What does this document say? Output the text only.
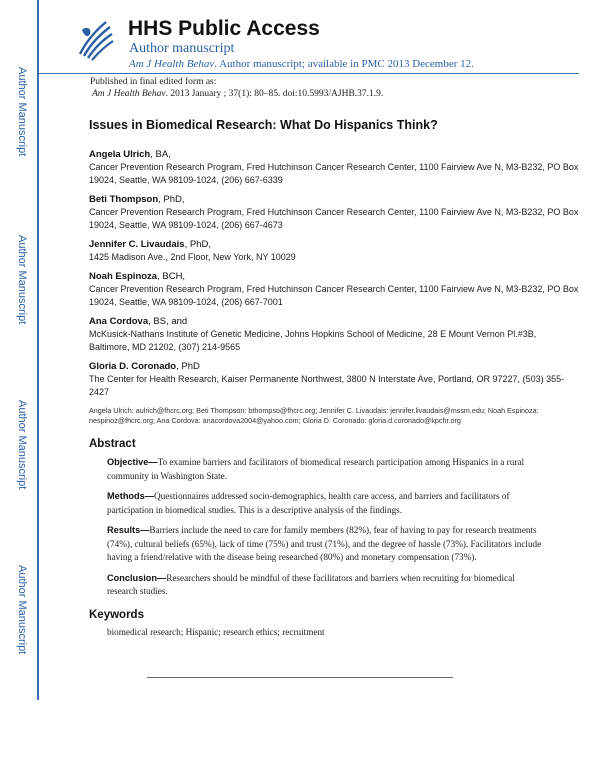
Author Manuscript
Author Manuscript
Author Manuscript
Author Manuscript
HHS Public Access
Author manuscript
Am J Health Behav. Author manuscript; available in PMC 2013 December 12.
Published in final edited form as:
Am J Health Behav. 2013 January ; 37(1): 80–85. doi:10.5993/AJHB.37.1.9.
Issues in Biomedical Research: What Do Hispanics Think?
Angela Ulrich, BA,
Cancer Prevention Research Program, Fred Hutchinson Cancer Research Center, 1100 Fairview Ave N, M3-B232, PO Box 19024, Seattle, WA 98109-1024, (206) 667-6339
Beti Thompson, PhD,
Cancer Prevention Research Program, Fred Hutchinson Cancer Research Center, 1100 Fairview Ave N, M3-B232, PO Box 19024, Seattle, WA 98109-1024, (206) 667-4673
Jennifer C. Livaudais, PhD,
1425 Madison Ave., 2nd Floor, New York, NY 10029
Noah Espinoza, BCH,
Cancer Prevention Research Program, Fred Hutchinson Cancer Research Center, 1100 Fairview Ave N, M3-B232, PO Box 19024, Seattle, WA 98109-1024, (206) 667-7001
Ana Cordova, BS, and
McKusick-Nathans Institute of Genetic Medicine, Johns Hopkins School of Medicine, 28 E Mount Vernon Pl.#3B, Baltimore, MD 21202, (307) 214-9565
Gloria D. Coronado, PhD
The Center for Health Research, Kaiser Permanente Northwest, 3800 N Interstate Ave, Portland, OR 97227, (503) 355-2427
Angela Ulrich: aulrich@fhcrc.org; Beti Thompson: bthompso@fhcrc.org; Jennifer C. Livaudais: jennifer.livaudais@mssm.edu; Noah Espinoza: nespinoz@fhcrc.org; Ana Cordova: anacordova2004@yahoo.com; Gloria D. Coronado: gloria.d.coronado@kpchr.org
Abstract
Objective—To examine barriers and facilitators of biomedical research participation among Hispanics in a rural community in Washington State.
Methods—Questionnaires addressed socio-demographics, health care access, and barriers and facilitators of participation in biomedical studies. This is a descriptive analysis of the findings.
Results—Barriers include the need to care for family members (82%), fear of having to pay for research treatments (74%), cultural beliefs (65%), lack of time (75%) and trust (71%), and the degree of hassle (73%). Facilitators include having a friend/relative with the disease being researched (80%) and monetary compensation (73%).
Conclusion—Researchers should be mindful of these facilitators and barriers when recruiting for biomedical research studies.
Keywords
biomedical research; Hispanic; research ethics; recruitment
